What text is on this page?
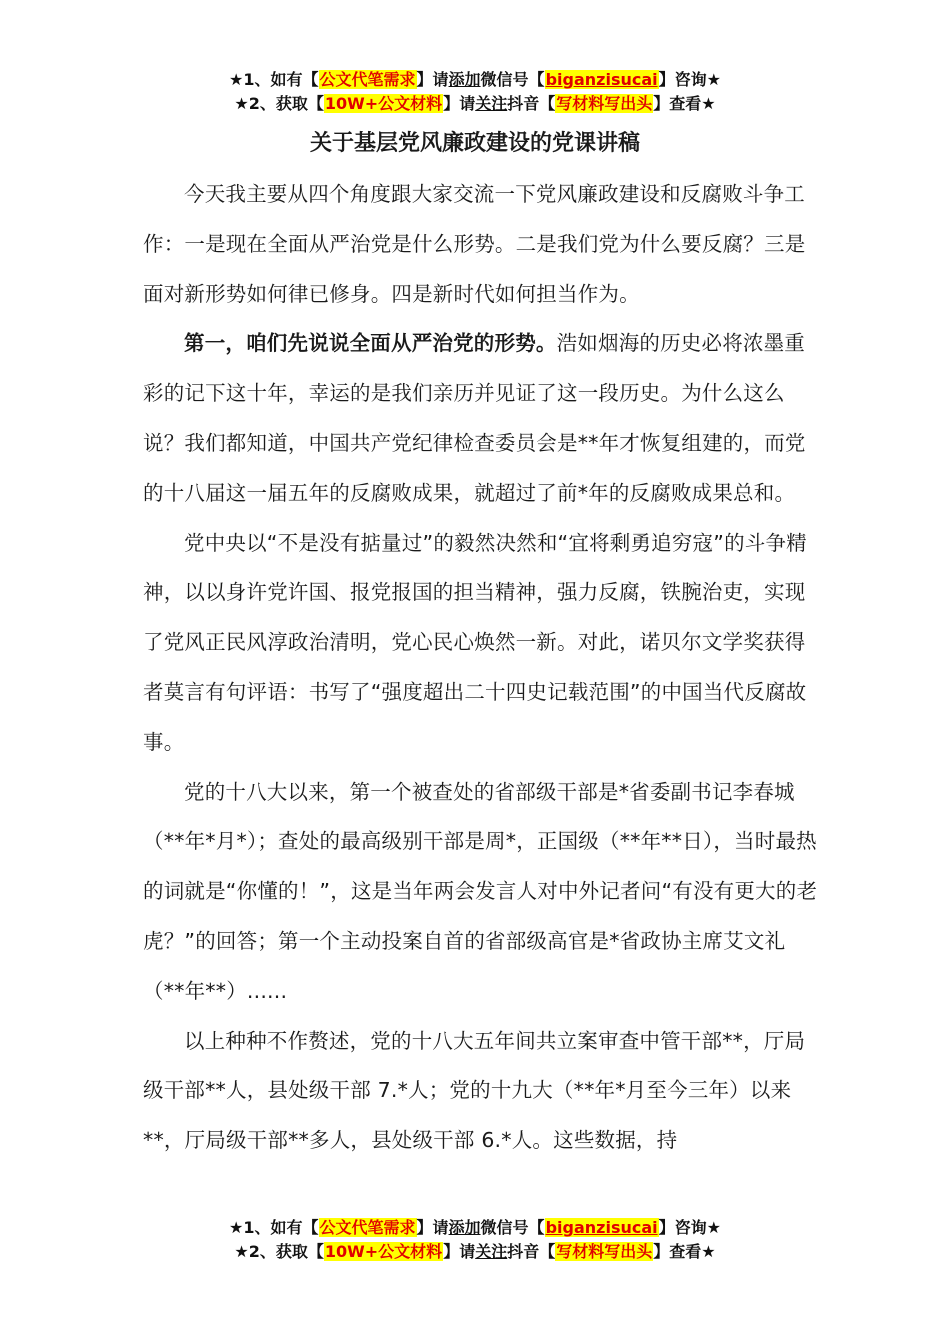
★1、如有【公文代笔需求】请添加微信号【biganzisucai】咨询★
★2、获取【10W+公文材料】请关注抖音【写材料写出头】查看★
关于基层党风廉政建设的党课讲稿

今天我主要从四个角度跟大家交流一下党风廉政建设和反腐败斗争工作：一是现在全面从严治党是什么形势。二是我们党为什么要反腐？三是面对新形势如何律已修身。四是新时代如何担当作为。

第一，咱们先说说全面从严治党的形势。浩如烟海的历史必将浓墨重彩的记下这十年，幸运的是我们亲历并见证了这一段历史。为什么这么说？我们都知道，中国共产党纪律检查委员会是**年才恢复组建的，而党的十八届这一届五年的反腐败成果，就超过了前*年的反腐败成果总和。

党中央以“不是没有掂量过”的毅然决然和“宜将剩勇追穷寇”的斗争精神，以以身许党许国、报党报国的担当精神，强力反腐，铁腕治吏，实现了党风正民风淳政治清明，党心民心焕然一新。对此，诺贝尔文学奖获得者莫言有句评语：书写了“强度超出二十四史记载范围”的中国当代反腐故事。

党的十八大以来，第一个被查处的省部级干部是*省委副书记李春城（**年*月*）；查处的最高级别干部是周*，正国级（**年**日），当时最热的词就是“你懂的！”，这是当年两会发言人对中外记者问“有没有更大的老虎？”的回答；第一个主动投案自首的省部级高官是*省政协主席艾文礼（**年**）......

以上种种不作赘述，党的十八大五年间共立案审查中管干部**，厅局级干部**人，县处级干部 7.*人；党的十九大（**年*月至今三年）以来**，厅局级干部**多人，县处级干部 6.*人。这些数据，持

★1、如有【公文代笔需求】请添加微信号【biganzisucai】咨询★
★2、获取【10W+公文材料】请关注抖音【写材料写出头】查看★
